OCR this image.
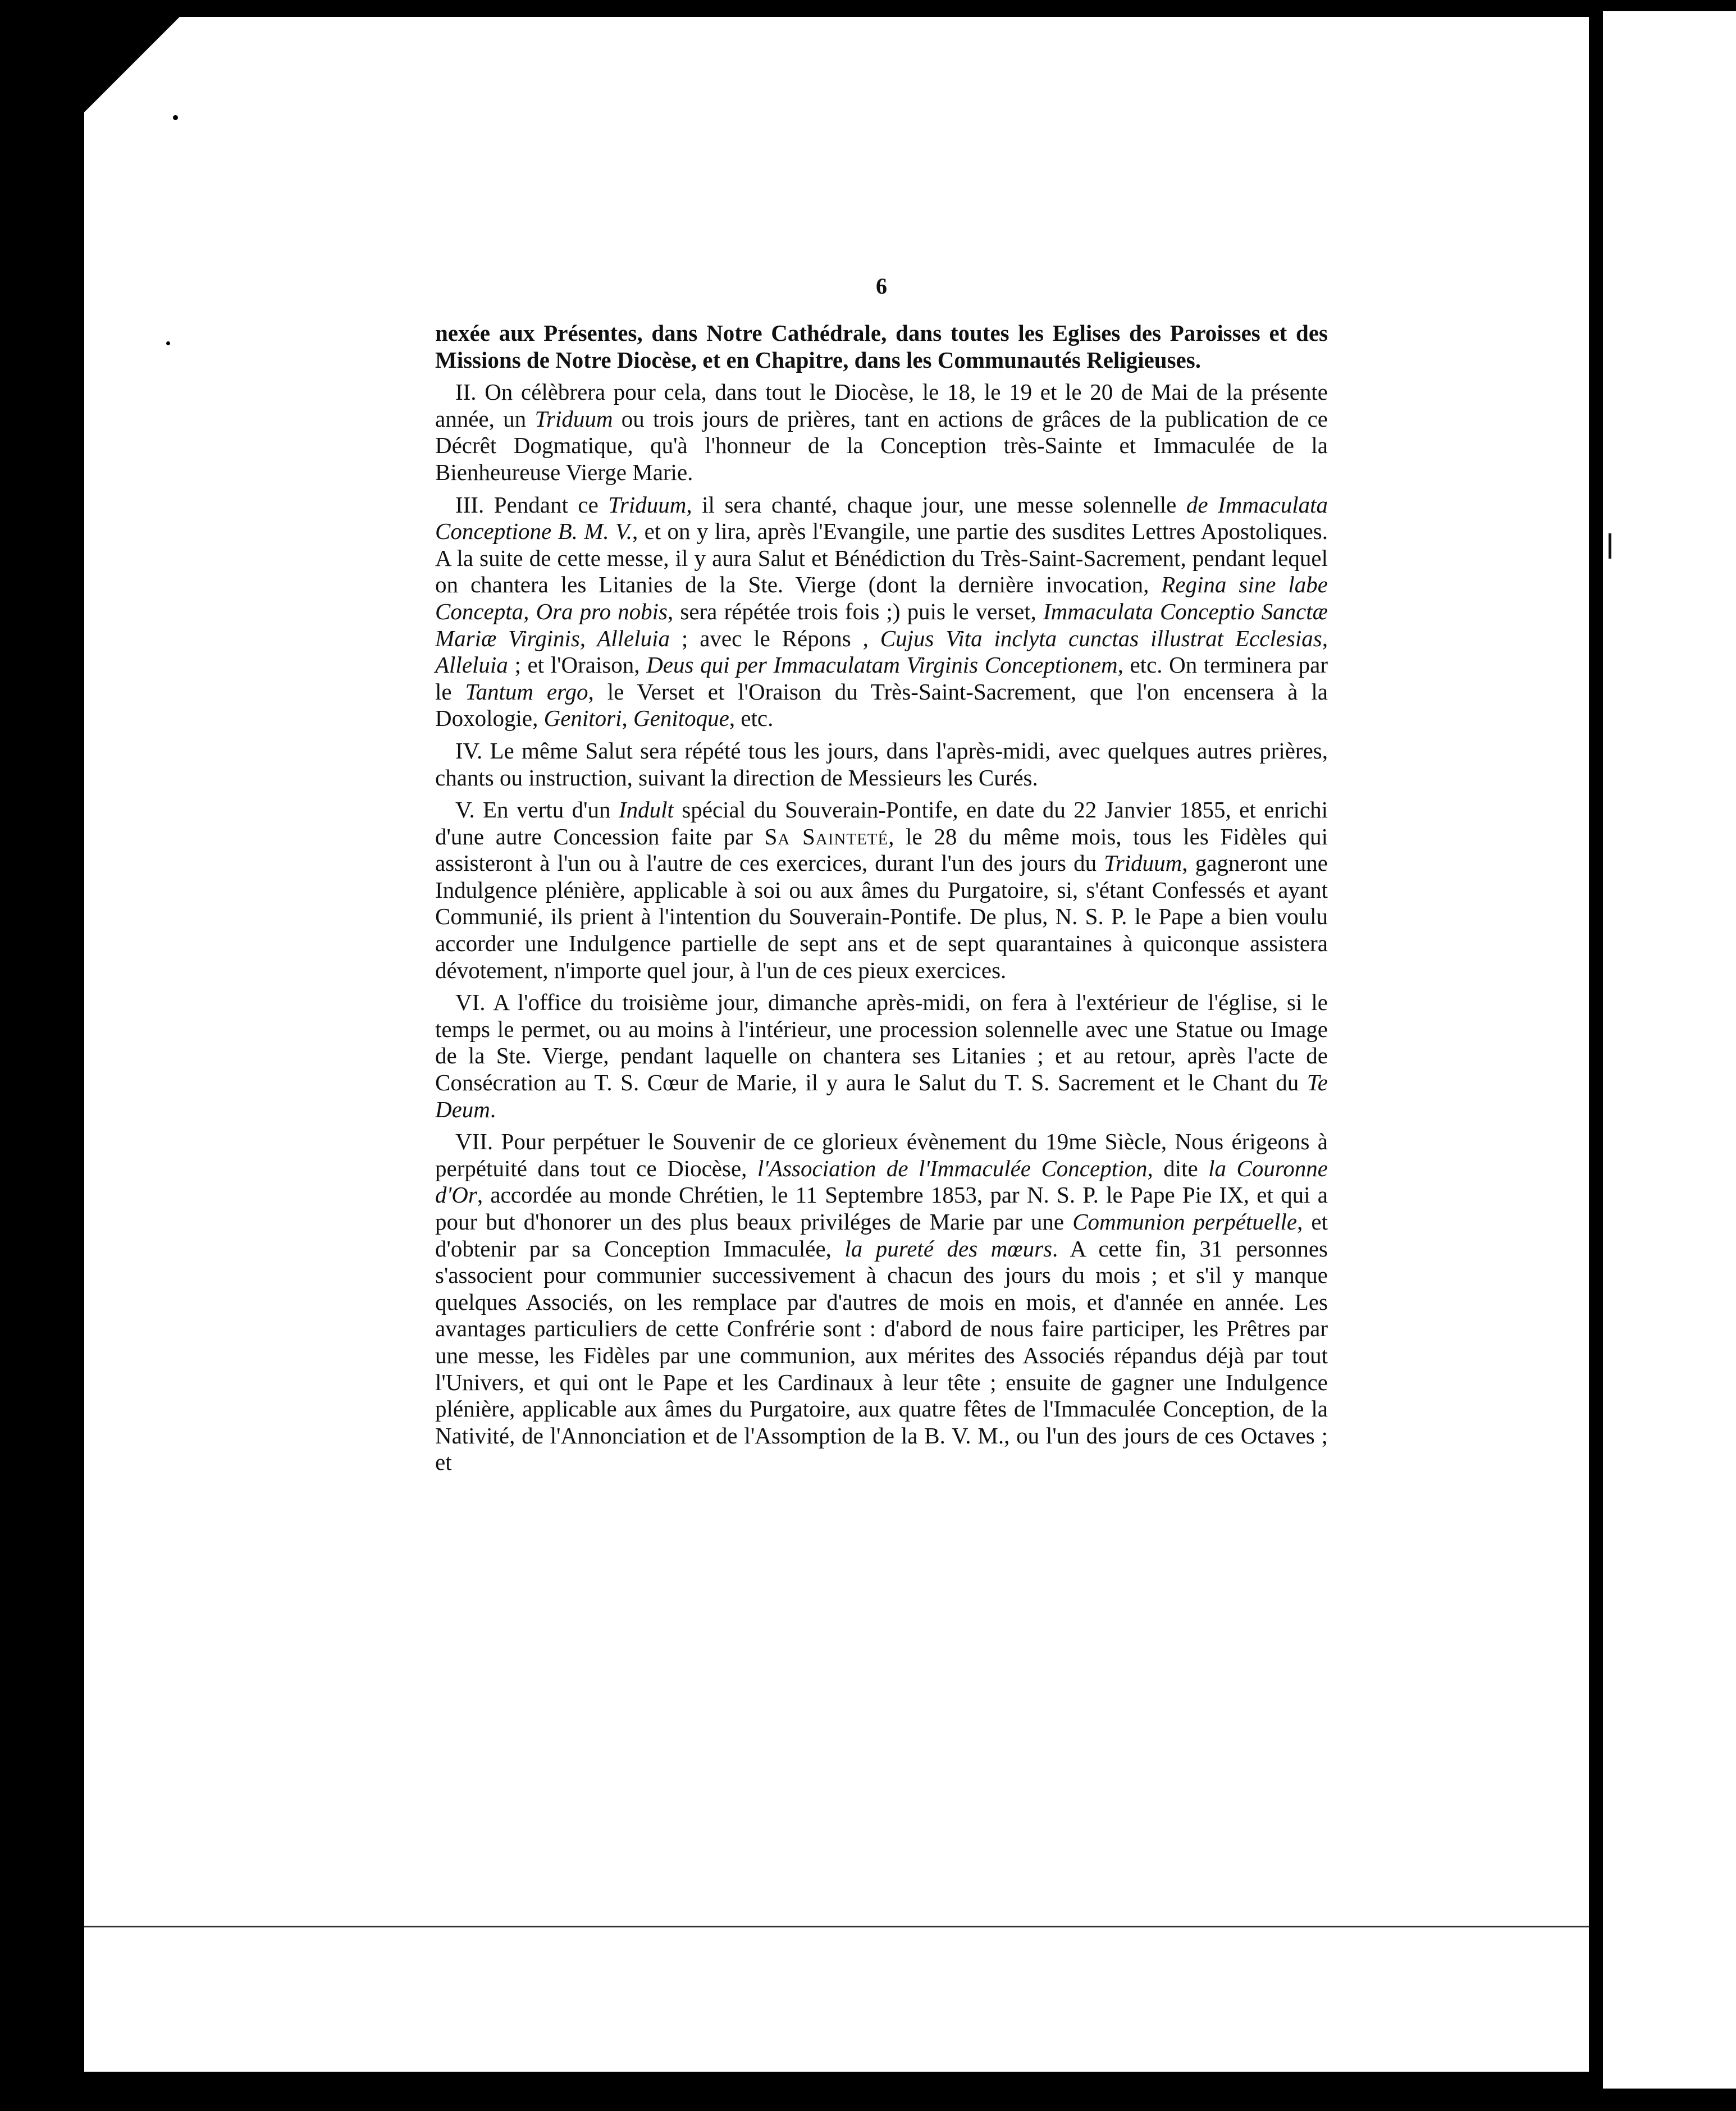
6

nexée aux Présentes, dans Notre Cathédrale, dans toutes les Eglises des Paroisses et des Missions de Notre Diocèse, et en Chapitre, dans les Communautés Religieuses.

II. On célèbrera pour cela, dans tout le Diocèse, le 18, le 19 et le 20 de Mai de la présente année, un Triduum ou trois jours de prières, tant en actions de grâces de la publication de ce Décrêt Dogmatique, qu'à l'honneur de la Conception très-Sainte et Immaculée de la Bienheureuse Vierge Marie.

III. Pendant ce Triduum, il sera chanté, chaque jour, une messe solennelle de Immaculata Conceptione B. M. V., et on y lira, après l'Evangile, une partie des susdites Lettres Apostoliques. A la suite de cette messe, il y aura Salut et Bénédiction du Très-Saint-Sacrement, pendant lequel on chantera les Litanies de la Ste. Vierge (dont la dernière invocation, Regina sine labe Concepta, Ora pro nobis, sera répétée trois fois ;) puis le verset, Immaculata Conceptio Sanctæ Mariæ Virginis, Alleluia ; avec le Répons , Cujus Vita inclyta cunctas illustrat Ecclesias, Alleluia ; et l'Oraison, Deus qui per Immaculatam Virginis Conceptionem, etc. On terminera par le Tantum ergo, le Verset et l'Oraison du Très-Saint-Sacrement, que l'on encensera à la Doxologie, Genitori, Genitoque, etc.

IV. Le même Salut sera répété tous les jours, dans l'après-midi, avec quelques autres prières, chants ou instruction, suivant la direction de Messieurs les Curés.

V. En vertu d'un Indult spécial du Souverain-Pontife, en date du 22 Janvier 1855, et enrichi d'une autre Concession faite par Sa Sainteté, le 28 du même mois, tous les Fidèles qui assisteront à l'un ou à l'autre de ces exercices, durant l'un des jours du Triduum, gagneront une Indulgence plénière, applicable à soi ou aux âmes du Purgatoire, si, s'étant Confessés et ayant Communié, ils prient à l'intention du Souverain-Pontife. De plus, N. S. P. le Pape a bien voulu accorder une Indulgence partielle de sept ans et de sept quarantaines à quiconque assistera dévotement, n'importe quel jour, à l'un de ces pieux exercices.

VI. A l'office du troisième jour, dimanche après-midi, on fera à l'extérieur de l'église, si le temps le permet, ou au moins à l'intérieur, une procession solennelle avec une Statue ou Image de la Ste. Vierge, pendant laquelle on chantera ses Litanies ; et au retour, après l'acte de Consécration au T. S. Cœur de Marie, il y aura le Salut du T. S. Sacrement et le Chant du Te Deum.

VII. Pour perpétuer le Souvenir de ce glorieux évènement du 19me Siècle, Nous érigeons à perpétuité dans tout ce Diocèse, l'Association de l'Immaculée Conception, dite la Couronne d'Or, accordée au monde Chrétien, le 11 Septembre 1853, par N. S. P. le Pape Pie IX, et qui a pour but d'honorer un des plus beaux priviléges de Marie par une Communion perpétuelle, et d'obtenir par sa Conception Immaculée, la pureté des mœurs. A cette fin, 31 personnes s'associent pour communier successivement à chacun des jours du mois ; et s'il y manque quelques Associés, on les remplace par d'autres de mois en mois, et d'année en année. Les avantages particuliers de cette Confrérie sont : d'abord de nous faire participer, les Prêtres par une messe, les Fidèles par une communion, aux mérites des Associés répandus déjà par tout l'Univers, et qui ont le Pape et les Cardinaux à leur tête ; ensuite de gagner une Indulgence plénière, applicable aux âmes du Purgatoire, aux quatre fêtes de l'Immaculée Conception, de la Nativité, de l'Annonciation et de l'Assomption de la B. V. M., ou l'un des jours de ces Octaves ; et
